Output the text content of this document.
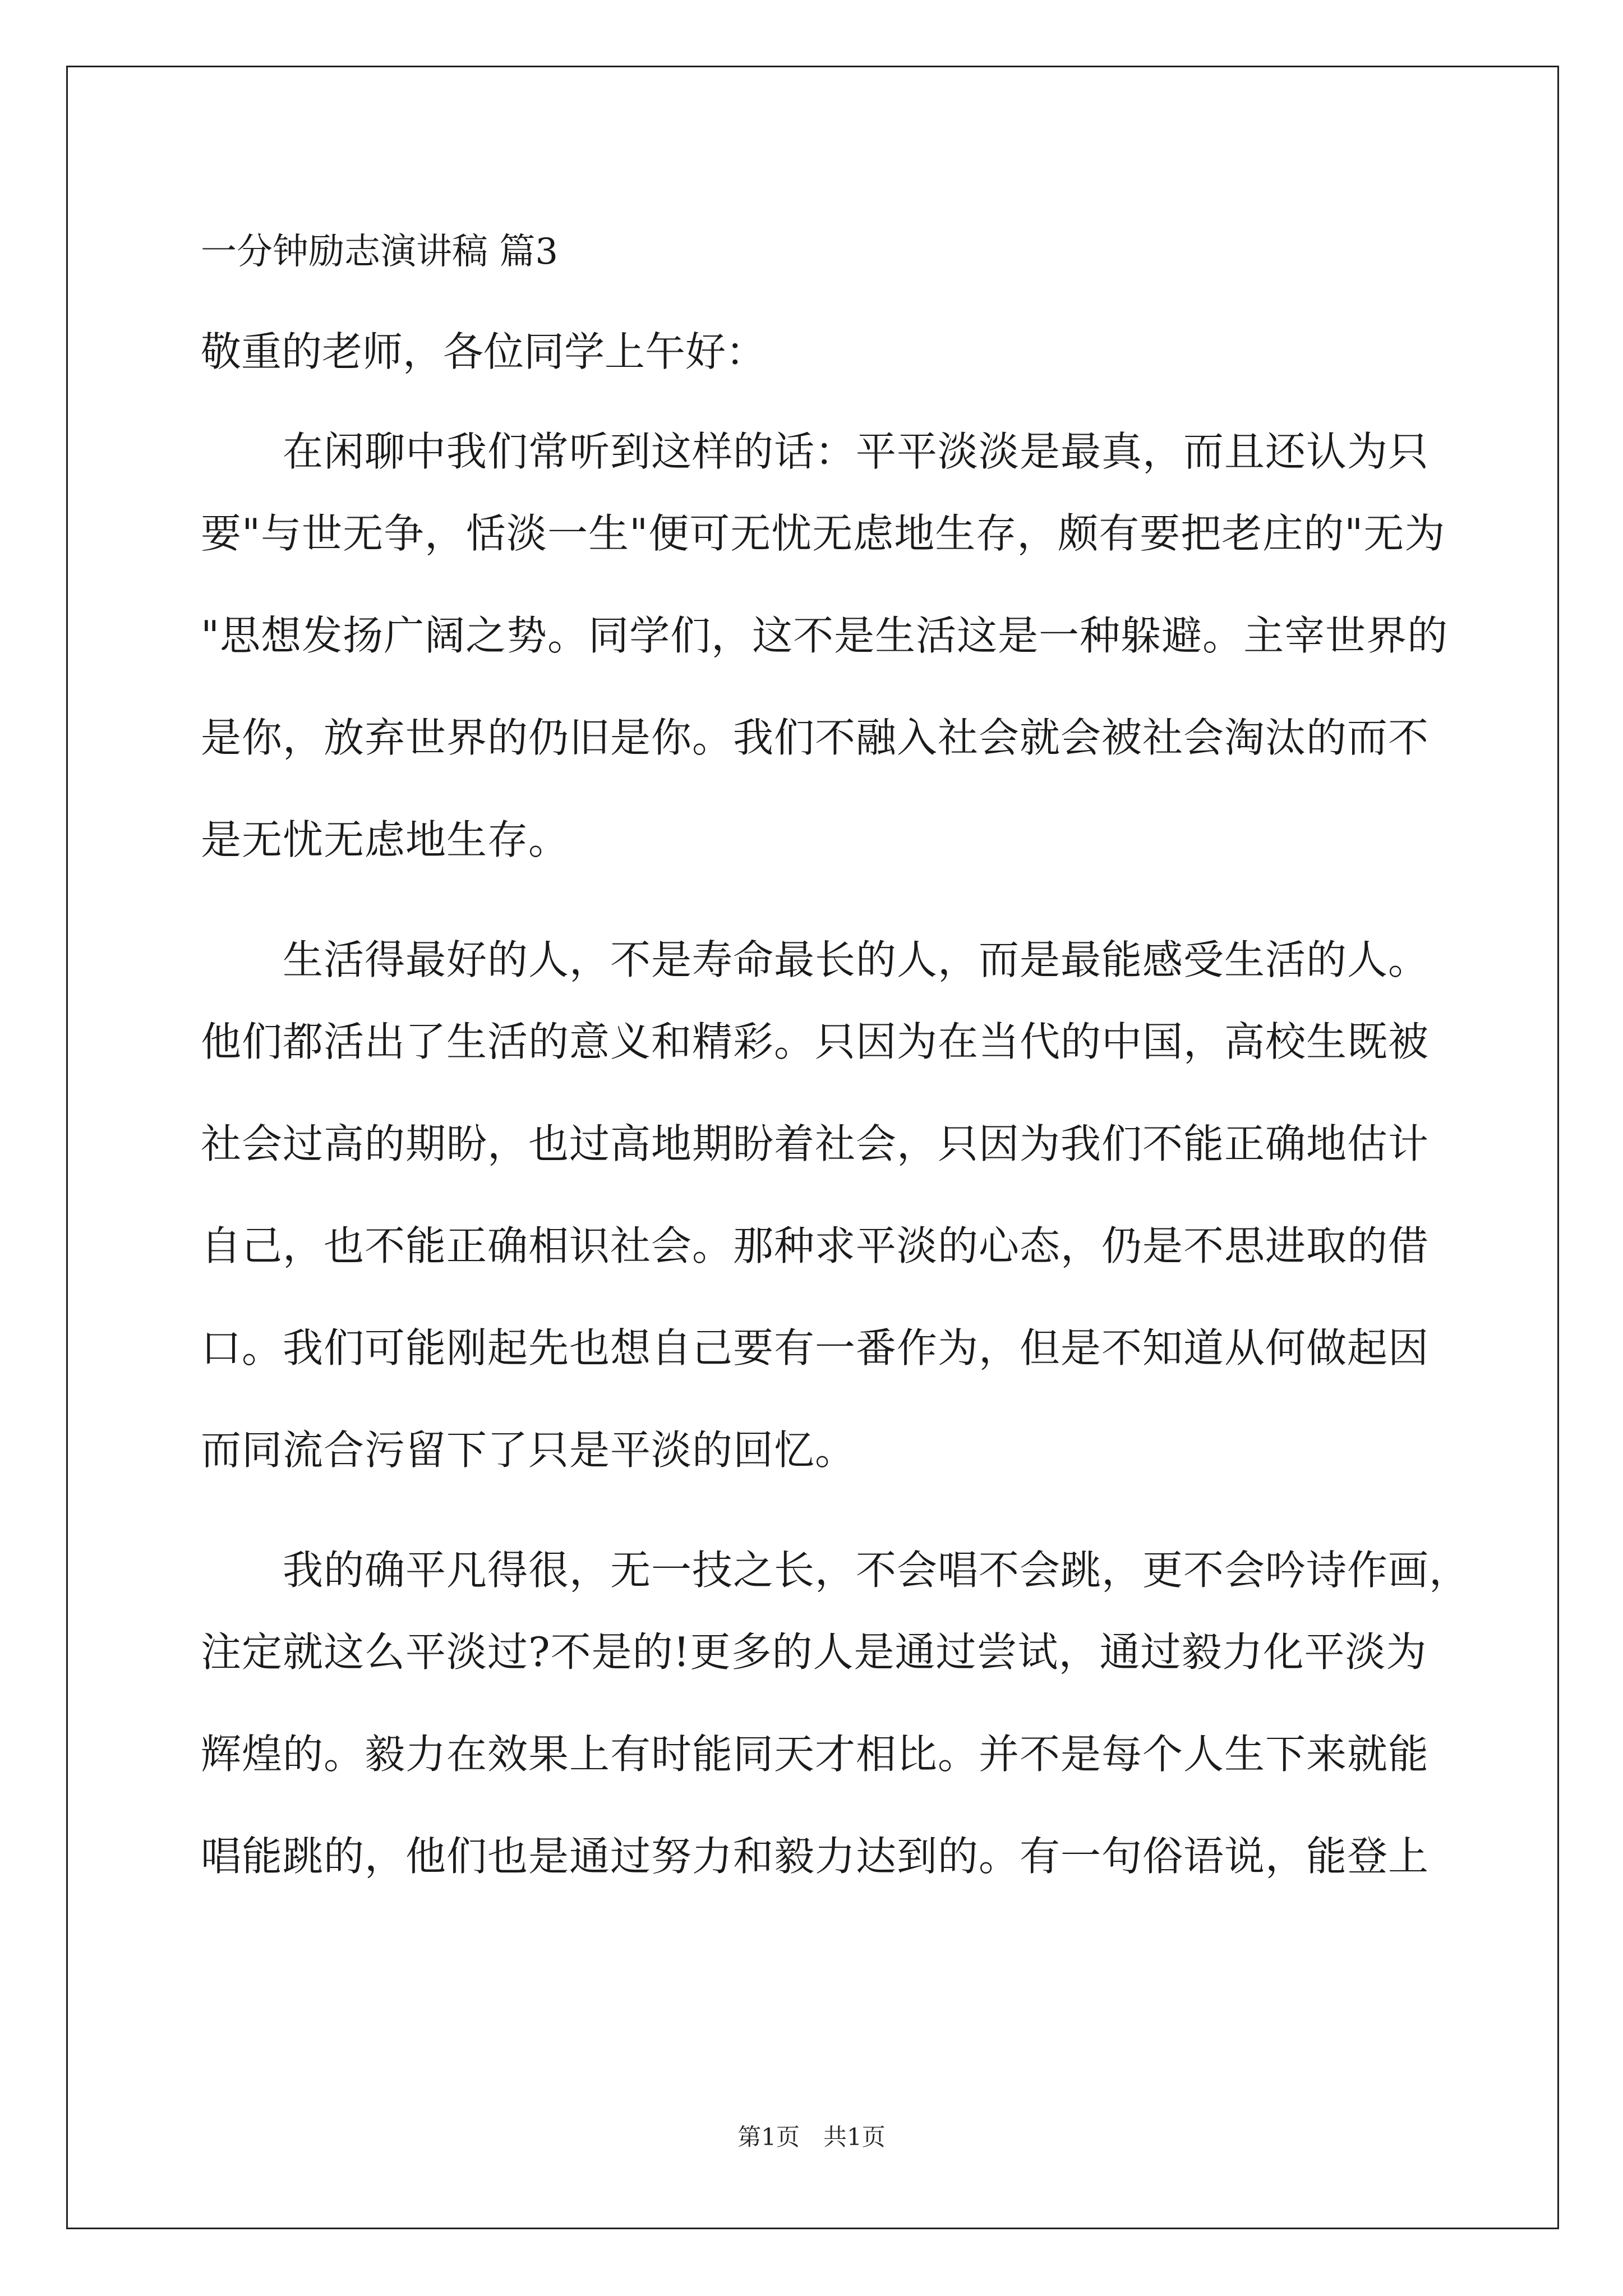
一分钟励志演讲稿 篇3
敬重的老师，各位同学上午好：
　　在闲聊中我们常听到这样的话：平平淡淡是最真，而且还认为只
要"与世无争，恬淡一生"便可无忧无虑地生存，颇有要把老庄的"无为
"思想发扬广阔之势。同学们，这不是生活这是一种躲避。主宰世界的
是你，放弃世界的仍旧是你。我们不融入社会就会被社会淘汰的而不
是无忧无虑地生存。
　　生活得最好的人，不是寿命最长的人，而是最能感受生活的人。
他们都活出了生活的意义和精彩。只因为在当代的中国，高校生既被
社会过高的期盼，也过高地期盼着社会，只因为我们不能正确地估计
自己，也不能正确相识社会。那种求平淡的心态，仍是不思进取的借
口。我们可能刚起先也想自己要有一番作为，但是不知道从何做起因
而同流合污留下了只是平淡的回忆。
　　我的确平凡得很，无一技之长，不会唱不会跳，更不会吟诗作画，
注定就这么平淡过?不是的!更多的人是通过尝试，通过毅力化平淡为
辉煌的。毅力在效果上有时能同天才相比。并不是每个人生下来就能
唱能跳的，他们也是通过努力和毅力达到的。有一句俗语说，能登上
第1页　共1页
